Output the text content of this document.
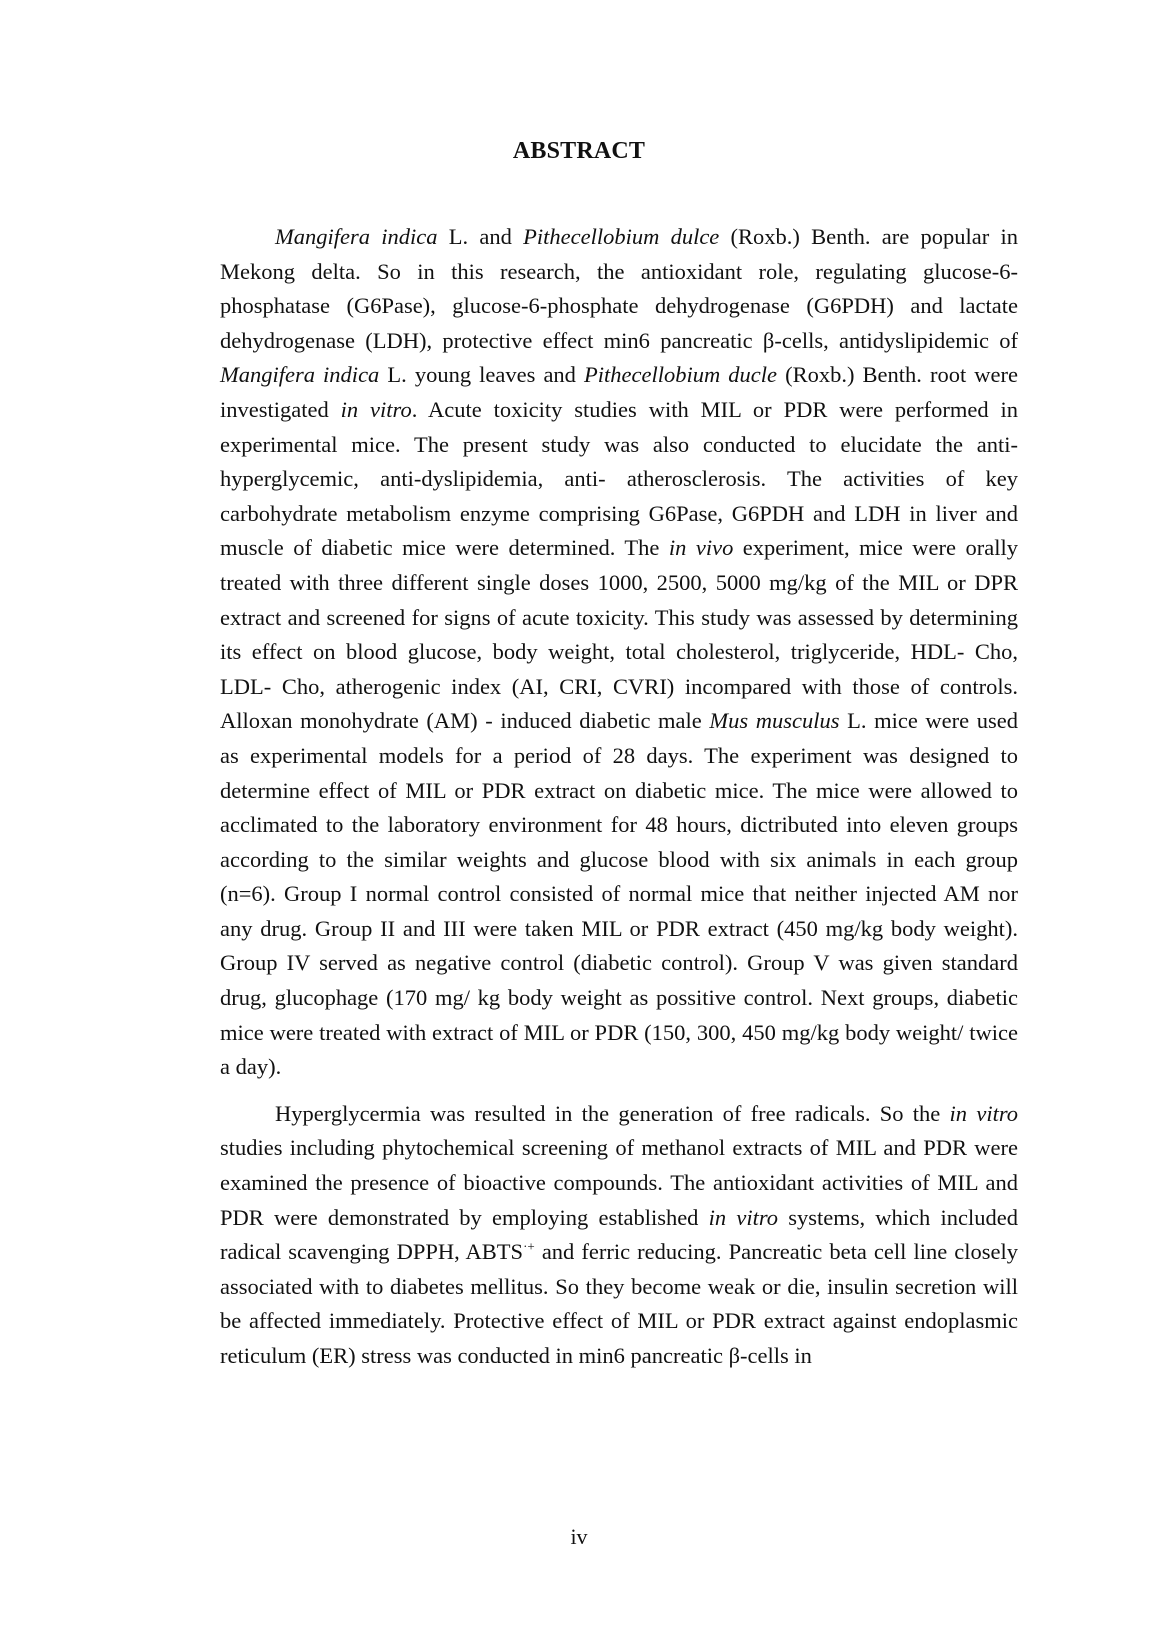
ABSTRACT

Mangifera indica L. and Pithecellobium dulce (Roxb.) Benth. are popular in Mekong delta. So in this research, the antioxidant role, regulating glucose-6-phosphatase (G6Pase), glucose-6-phosphate dehydrogenase (G6PDH) and lactate dehydrogenase (LDH), protective effect min6 pancreatic β-cells, antidyslipidemic of Mangifera indica L. young leaves and Pithecellobium ducle (Roxb.) Benth. root were investigated in vitro. Acute toxicity studies with MIL or PDR were performed in experimental mice. The present study was also conducted to elucidate the anti-hyperglycemic, anti-dyslipidemia, anti- atherosclerosis. The activities of key carbohydrate metabolism enzyme comprising G6Pase, G6PDH and LDH in liver and muscle of diabetic mice were determined. The in vivo experiment, mice were orally treated with three different single doses 1000, 2500, 5000 mg/kg of the MIL or DPR extract and screened for signs of acute toxicity. This study was assessed by determining its effect on blood glucose, body weight, total cholesterol, triglyceride, HDL- Cho, LDL- Cho, atherogenic index (AI, CRI, CVRI) incompared with those of controls. Alloxan monohydrate (AM) - induced diabetic male Mus musculus L. mice were used as experimental models for a period of 28 days. The experiment was designed to determine effect of MIL or PDR extract on diabetic mice. The mice were allowed to acclimated to the laboratory environment for 48 hours, dictributed into eleven groups according to the similar weights and glucose blood with six animals in each group (n=6). Group I normal control consisted of normal mice that neither injected AM nor any drug. Group II and III were taken MIL or PDR extract (450 mg/kg body weight). Group IV served as negative control (diabetic control). Group V was given standard drug, glucophage (170 mg/ kg body weight as possitive control. Next groups, diabetic mice were treated with extract of MIL or PDR (150, 300, 450 mg/kg body weight/ twice a day).

Hyperglycermia was resulted in the generation of free radicals. So the in vitro studies including phytochemical screening of methanol extracts of MIL and PDR were examined the presence of bioactive compounds. The antioxidant activities of MIL and PDR were demonstrated by employing established in vitro systems, which included radical scavenging DPPH, ABTS·+ and ferric reducing. Pancreatic beta cell line closely associated with to diabetes mellitus. So they become weak or die, insulin secretion will be affected immediately. Protective effect of MIL or PDR extract against endoplasmic reticulum (ER) stress was conducted in min6 pancreatic β-cells in

iv
